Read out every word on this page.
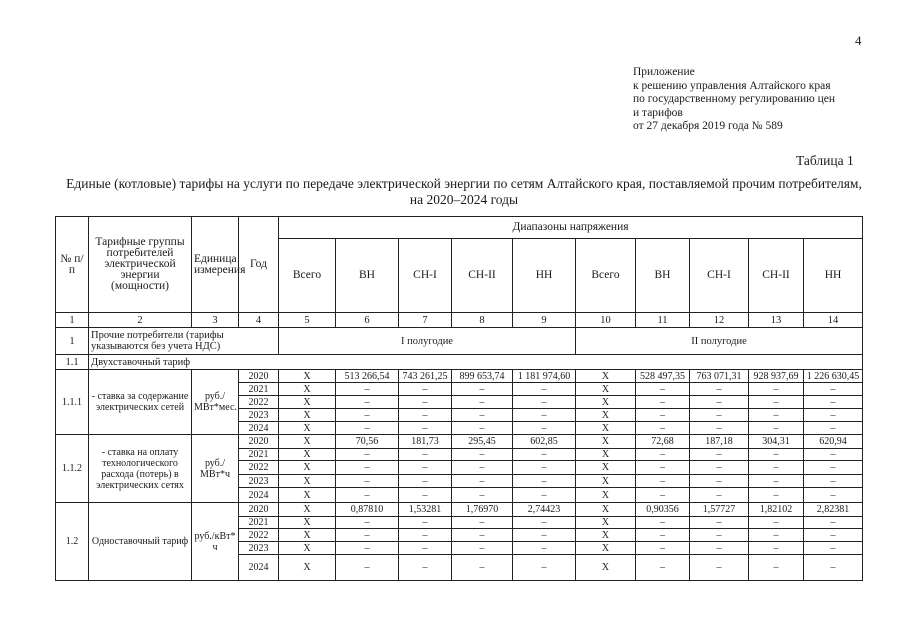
4
Приложение
к решению управления Алтайского края
по государственному регулированию цен
и тарифов
от 27 декабря 2019 года № 589
Таблица 1
Единые (котловые) тарифы на услуги по передаче электрической энергии по сетям Алтайского края, поставляемой прочим потребителям, на 2020–2024 годы
№ п/п	Тарифные группы потребителей электрической энергии (мощности)	Единица измерения	Год	Диапазоны напряжения									
				Всего	ВН	СН-I	СН-II	НН	Всего	ВН	СН-I	СН-II	НН
1	2	3	4	5	6	7	8	9	10	11	12	13	14
1	Прочие потребители (тарифы указываются без учета НДС)			I полугодие					II полугодие				
1.1	Двухставочный тариф												
1.1.1	- ставка за содержание электрических сетей	руб./ МВт*мес.	2020	X	513 266,54	743 261,25	899 653,74	1 181 974,60	X	528 497,35	763 071,31	928 937,69	1 226 630,45
			2021	X	–	–	–	–	X	–	–	–	–
			2022	X	–	–	–	–	X	–	–	–	–
			2023	X	–	–	–	–	X	–	–	–	–
			2024	X	–	–	–	–	X	–	–	–	–
1.1.2	- ставка на оплату технологического расхода (потерь) в электрических сетях	руб./ МВт*ч	2020	X	70,56	181,73	295,45	602,85	X	72,68	187,18	304,31	620,94
			2021	X	–	–	–	–	X	–	–	–	–
			2022	X	–	–	–	–	X	–	–	–	–
			2023	X	–	–	–	–	X	–	–	–	–
			2024	X	–	–	–	–	X	–	–	–	–
1.2	Одноставочный тариф	руб./кВт* ч	2020	X	0,87810	1,53281	1,76970	2,74423	X	0,90356	1,57727	1,82102	2,82381
			2021	X	–	–	–	–	X	–	–	–	–
			2022	X	–	–	–	–	X	–	–	–	–
			2023	X	–	–	–	–	X	–	–	–	–
			2024	X	–	–	–	–	X	–	–	–	–
